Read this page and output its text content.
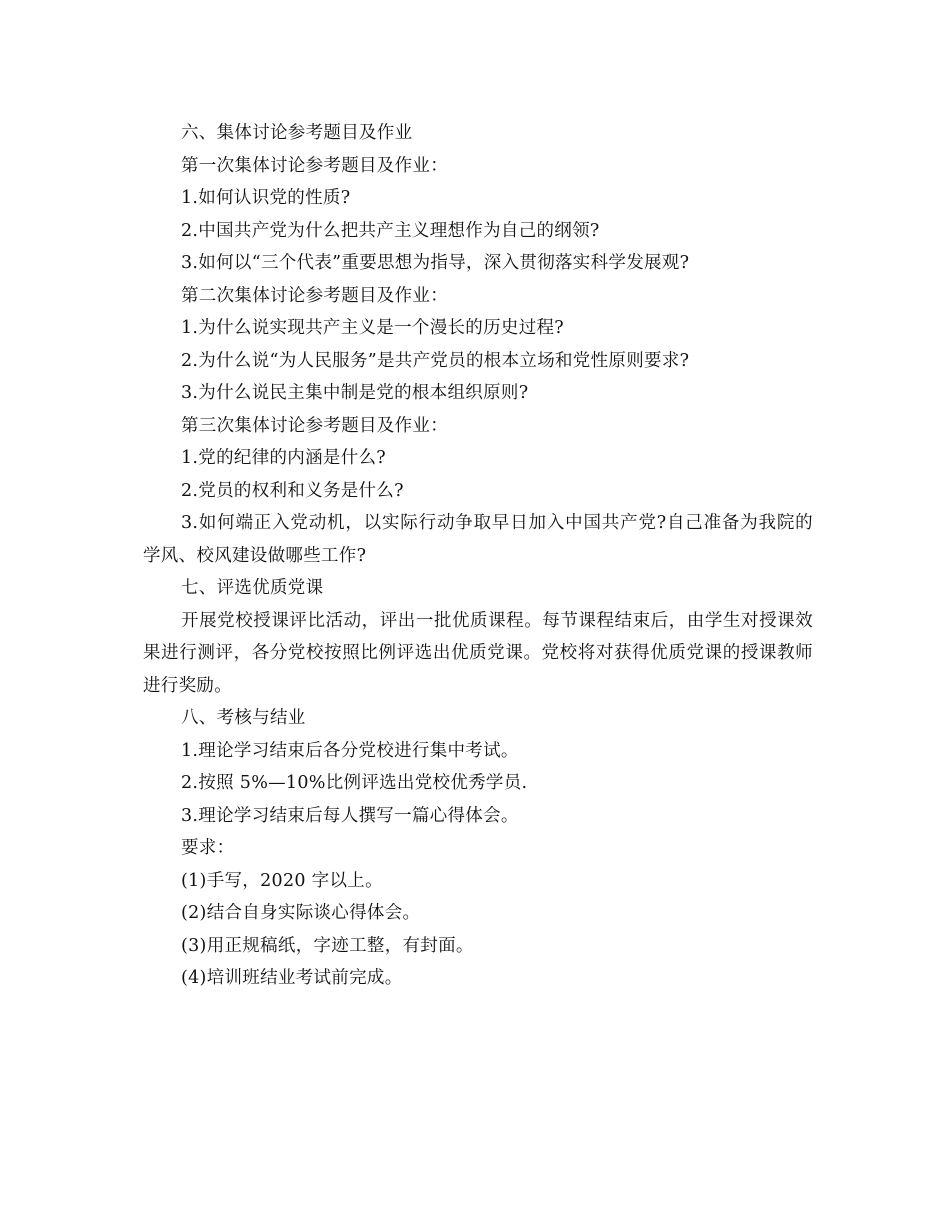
六、集体讨论参考题目及作业

第一次集体讨论参考题目及作业：

1.如何认识党的性质?

2.中国共产党为什么把共产主义理想作为自己的纲领?

3.如何以“三个代表”重要思想为指导，深入贯彻落实科学发展观?

第二次集体讨论参考题目及作业：

1.为什么说实现共产主义是一个漫长的历史过程?

2.为什么说“为人民服务”是共产党员的根本立场和党性原则要求?

3.为什么说民主集中制是党的根本组织原则?

第三次集体讨论参考题目及作业：

1.党的纪律的内涵是什么?

2.党员的权利和义务是什么?

3.如何端正入党动机，以实际行动争取早日加入中国共产党?自己准备为我院的学风、校风建设做哪些工作?

七、评选优质党课

开展党校授课评比活动，评出一批优质课程。每节课程结束后，由学生对授课效果进行测评，各分党校按照比例评选出优质党课。党校将对获得优质党课的授课教师进行奖励。

八、考核与结业

1.理论学习结束后各分党校进行集中考试。

2.按照 5%—10%比例评选出党校优秀学员.

3.理论学习结束后每人撰写一篇心得体会。

要求：

(1)手写，2020 字以上。

(2)结合自身实际谈心得体会。

(3)用正规稿纸，字迹工整，有封面。

(4)培训班结业考试前完成。
